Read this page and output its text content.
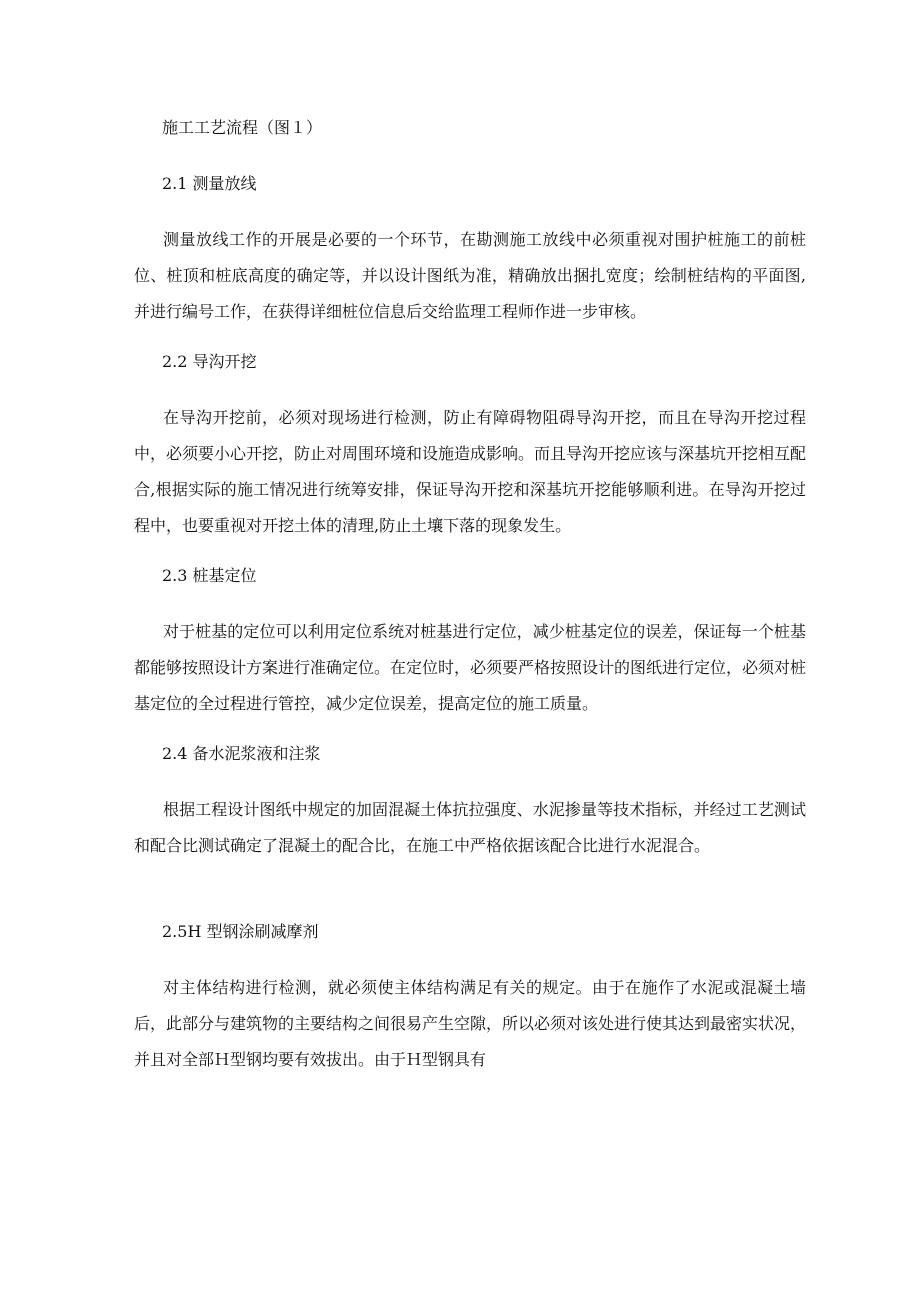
施工工艺流程（图１）

2.1 测量放线

测量放线工作的开展是必要的一个环节，在勘测施工放线中必须重视对围护桩施工的前桩位、桩顶和桩底高度的确定等，并以设计图纸为准，精确放出捆扎宽度；绘制桩结构的平面图,并进行编号工作，在获得详细桩位信息后交给监理工程师作进一步审核。

2.2 导沟开挖

在导沟开挖前，必须对现场进行检测，防止有障碍物阻碍导沟开挖，而且在导沟开挖过程中，必须要小心开挖，防止对周围环境和设施造成影响。而且导沟开挖应该与深基坑开挖相互配合,根据实际的施工情况进行统筹安排，保证导沟开挖和深基坑开挖能够顺利进。在导沟开挖过程中，也要重视对开挖土体的清理,防止土壤下落的现象发生。

2.3 桩基定位

对于桩基的定位可以利用定位系统对桩基进行定位，减少桩基定位的误差，保证每一个桩基都能够按照设计方案进行准确定位。在定位时，必须要严格按照设计的图纸进行定位，必须对桩基定位的全过程进行管控，减少定位误差，提高定位的施工质量。

2.4 备水泥浆液和注浆

根据工程设计图纸中规定的加固混凝土体抗拉强度、水泥掺量等技术指标，并经过工艺测试和配合比测试确定了混凝土的配合比，在施工中严格依据该配合比进行水泥混合。

2.5H 型钢涂刷减摩剂

对主体结构进行检测，就必须使主体结构满足有关的规定。由于在施作了水泥或混凝土墙后，此部分与建筑物的主要结构之间很易产生空隙，所以必须对该处进行使其达到最密实状况，并且对全部Ｈ型钢均要有效拔出。由于Ｈ型钢具有
